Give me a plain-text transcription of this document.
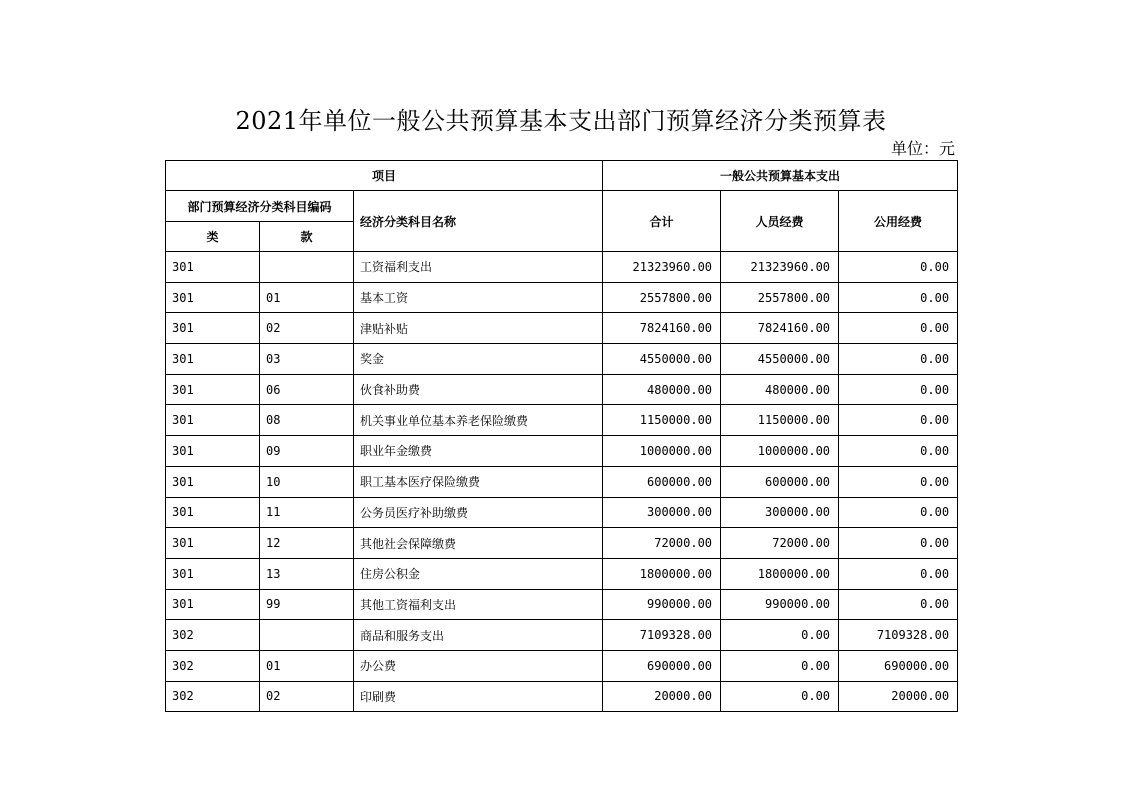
2021年单位一般公共预算基本支出部门预算经济分类预算表
单位：元
项目			一般公共预算基本支出		
部门预算经济分类科目编码		经济分类科目名称	合计	人员经费	公用经费
类	款				
301		工资福利支出	21323960.00	21323960.00	0.00
301	01	基本工资	2557800.00	2557800.00	0.00
301	02	津贴补贴	7824160.00	7824160.00	0.00
301	03	奖金	4550000.00	4550000.00	0.00
301	06	伙食补助费	480000.00	480000.00	0.00
301	08	机关事业单位基本养老保险缴费	1150000.00	1150000.00	0.00
301	09	职业年金缴费	1000000.00	1000000.00	0.00
301	10	职工基本医疗保险缴费	600000.00	600000.00	0.00
301	11	公务员医疗补助缴费	300000.00	300000.00	0.00
301	12	其他社会保障缴费	72000.00	72000.00	0.00
301	13	住房公积金	1800000.00	1800000.00	0.00
301	99	其他工资福利支出	990000.00	990000.00	0.00
302		商品和服务支出	7109328.00	0.00	7109328.00
302	01	办公费	690000.00	0.00	690000.00
302	02	印刷费	20000.00	0.00	20000.00
